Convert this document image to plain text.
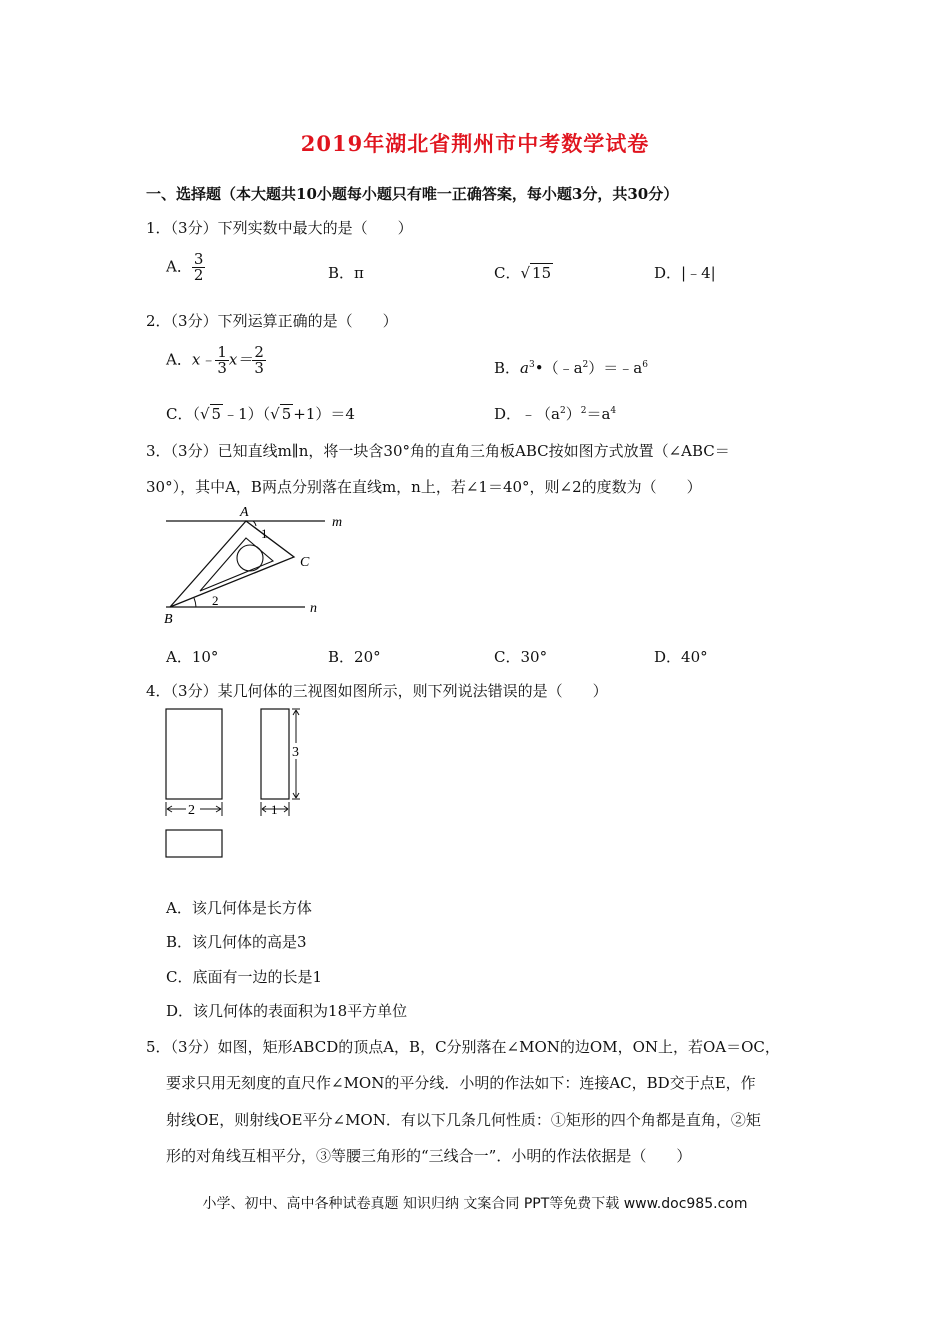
2019年湖北省荆州市中考数学试卷
一、选择题（本大题共10小题每小题只有唯一正确答案，每小题3分，共30分）
1．（3分）下列实数中最大的是（　　）
A． $\frac{3}{2}$	B．π	C．√ 15	D．|﹣4|
2．（3分）下列运算正确的是（　　）
A．x﹣ $\frac{1}{3} x= \frac{2}{3}$	B．$a^3•(﹣a^2)=﹣a^6$
C．（√ 5 ﹣1）（√ 5 +1）＝4	D．$﹣(a^2)^2=a^4$
3．（3分）已知直线m∥n，将一块含30°角的直角三角板ABC按如图方式放置（∠ABC＝
30°），其中A，B两点分别落在直线m，n上，若∠1＝40°，则∠2的度数为（　　）
A
B
C
m
n
1
2
A．10°	B．20°	C．30°	D．40°
4．（3分）某几何体的三视图如图所示，则下列说法错误的是（　　）
2	1
3
A．该几何体是长方体
B．该几何体的高是3
C．底面有一边的长是1
D．该几何体的表面积为18平方单位
5．（3分）如图，矩形ABCD的顶点A，B，C分别落在∠MON的边OM，ON上，若OA＝OC，
要求只用无刻度的直尺作∠MON的平分线．小明的作法如下：连接AC，BD交于点E，作
射线OE，则射线OE平分∠MON．有以下几条几何性质：①矩形的四个角都是直角，②矩
形的对角线互相平分，③等腰三角形的“三线合一”．小明的作法依据是（　　）
小学、初中、高中各种试卷真题 知识归纳 文案合同 PPT等免费下载 www.doc985.com
